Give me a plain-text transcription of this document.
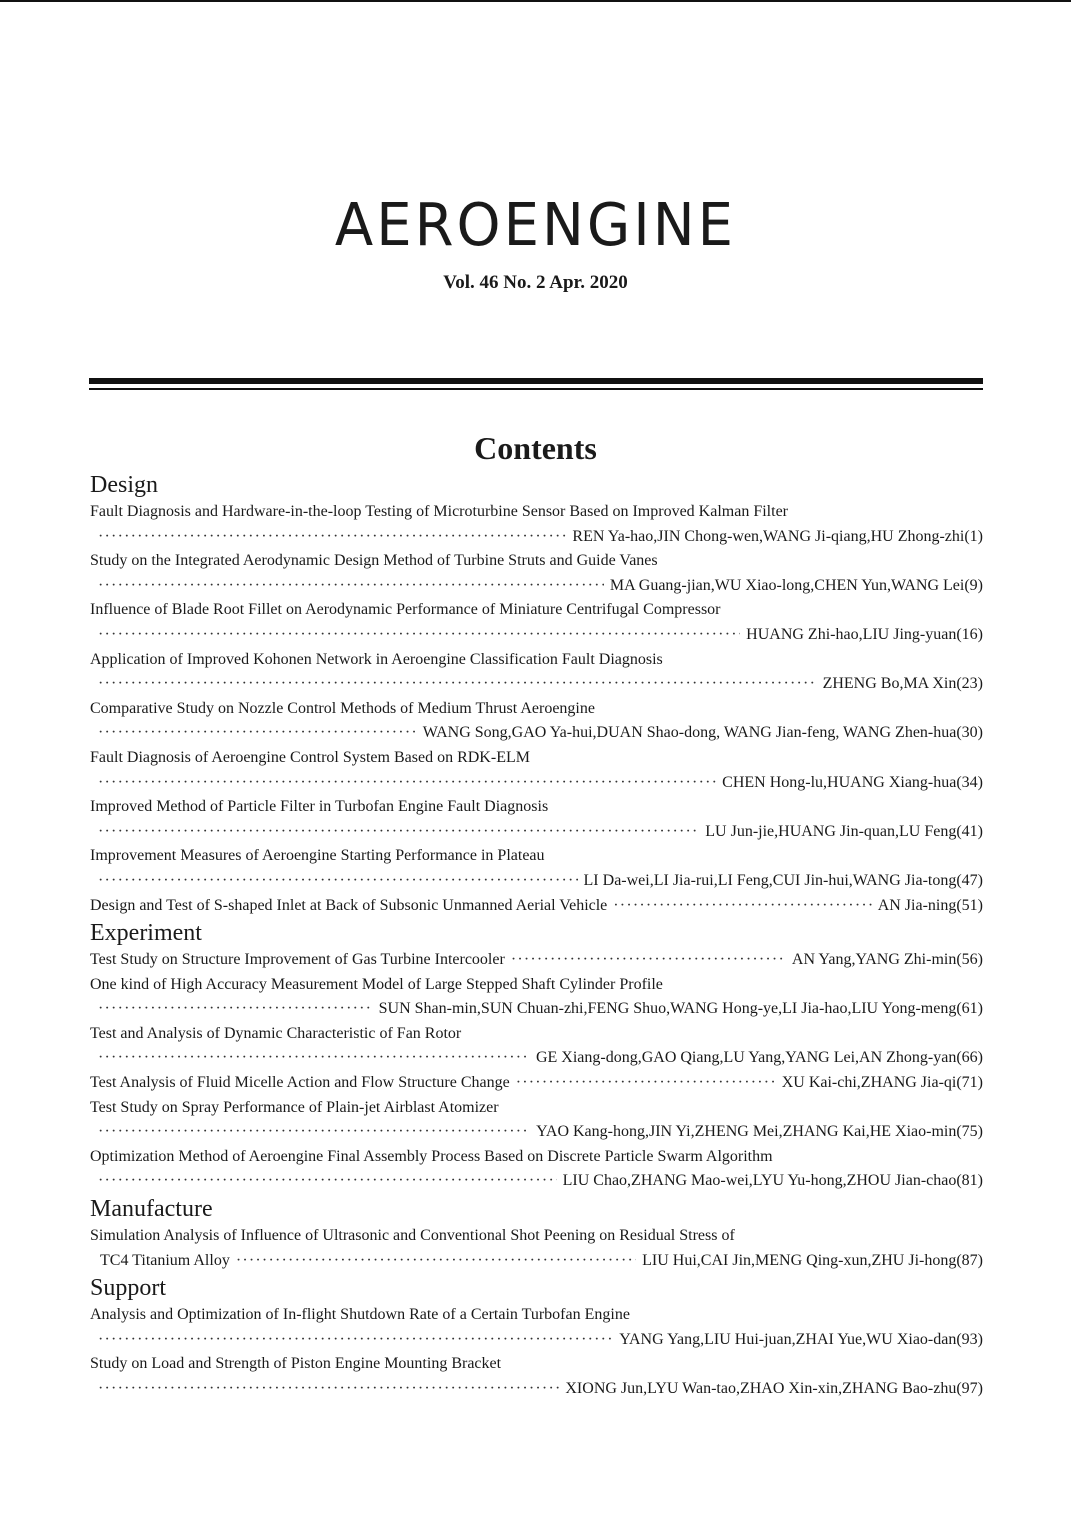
AEROENGINE
Vol. 46 No. 2 Apr. 2020
Contents
Design
Fault Diagnosis and Hardware-in-the-loop Testing of Microturbine Sensor Based on Improved Kalman Filter
·····
REN Ya-hao,JIN Chong-wen,WANG Ji-qiang,HU Zhong-zhi(1)
Study on the Integrated Aerodynamic Design Method of Turbine Struts and Guide Vanes
·····
MA Guang-jian,WU Xiao-long,CHEN Yun,WANG Lei(9)
Influence of Blade Root Fillet on Aerodynamic Performance of Miniature Centrifugal Compressor
·····
HUANG Zhi-hao,LIU Jing-yuan(16)
Application of Improved Kohonen Network in Aeroengine Classification Fault Diagnosis
·····
ZHENG Bo,MA Xin(23)
Comparative Study on Nozzle Control Methods of Medium Thrust Aeroengine
·····
WANG Song,GAO Ya-hui,DUAN Shao-dong, WANG Jian-feng, WANG Zhen-hua(30)
Fault Diagnosis of Aeroengine Control System Based on RDK-ELM
·····
CHEN Hong-lu,HUANG Xiang-hua(34)
Improved Method of Particle Filter in Turbofan Engine Fault Diagnosis
·····
LU Jun-jie,HUANG Jin-quan,LU Feng(41)
Improvement Measures of Aeroengine Starting Performance in Plateau
·····
LI Da-wei,LI Jia-rui,LI Feng,CUI Jin-hui,WANG Jia-tong(47)
Design and Test of S-shaped Inlet at Back of Subsonic Unmanned Aerial Vehicle ·····	AN Jia-ning(51)
Experiment
Test Study on Structure Improvement of Gas Turbine Intercooler ·····	AN Yang,YANG Zhi-min(56)
One kind of High Accuracy Measurement Model of Large Stepped Shaft Cylinder Profile
·····
SUN Shan-min,SUN Chuan-zhi,FENG Shuo,WANG Hong-ye,LI Jia-hao,LIU Yong-meng(61)
Test and Analysis of Dynamic Characteristic of Fan Rotor
·····
GE Xiang-dong,GAO Qiang,LU Yang,YANG Lei,AN Zhong-yan(66)
Test Analysis of Fluid Micelle Action and Flow Structure Change ·····	XU Kai-chi,ZHANG Jia-qi(71)
Test Study on Spray Performance of Plain-jet Airblast Atomizer
·····
YAO Kang-hong,JIN Yi,ZHENG Mei,ZHANG Kai,HE Xiao-min(75)
Optimization Method of Aeroengine Final Assembly Process Based on Discrete Particle Swarm Algorithm
·····
LIU Chao,ZHANG Mao-wei,LYU Yu-hong,ZHOU Jian-chao(81)
Manufacture
Simulation Analysis of Influence of Ultrasonic and Conventional Shot Peening on Residual Stress of
TC4 Titanium Alloy ·····	LIU Hui,CAI Jin,MENG Qing-xun,ZHU Ji-hong(87)
Support
Analysis and Optimization of In-flight Shutdown Rate of a Certain Turbofan Engine
·····
YANG Yang,LIU Hui-juan,ZHAI Yue,WU Xiao-dan(93)
Study on Load and Strength of Piston Engine Mounting Bracket
·····
XIONG Jun,LYU Wan-tao,ZHAO Xin-xin,ZHANG Bao-zhu(97)
